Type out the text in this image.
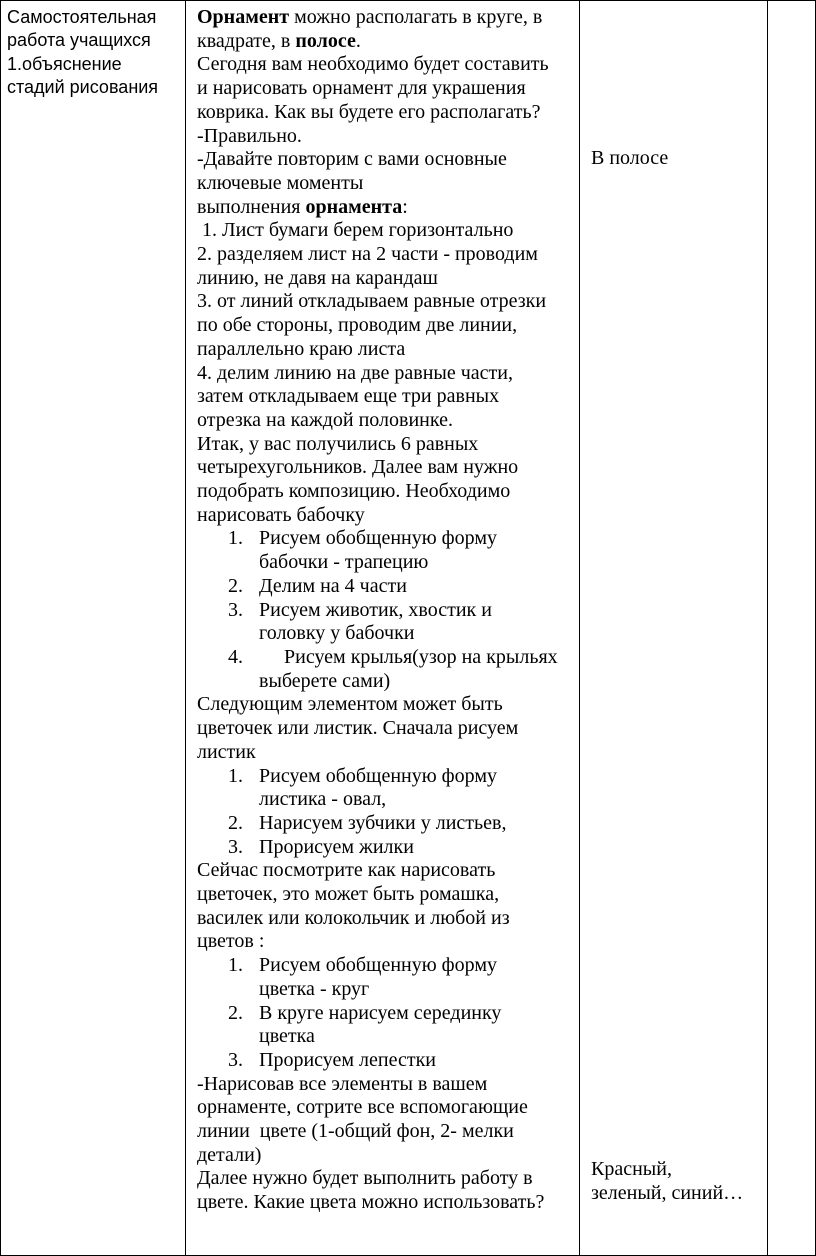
Самостоятельная
работа учащихся
1.объяснение
стадий рисования
Орнамент можно располагать в круге, в
квадрате, в полосе.
Сегодня вам необходимо будет составить
и нарисовать орнамент для украшения
коврика. Как вы будете его располагать?
-Правильно.
-Давайте повторим с вами основные
ключевые моменты
выполнения орнамента:
1. Лист бумаги берем горизонтально
2. разделяем лист на 2 части - проводим
линию, не давя на карандаш
3. от линий откладываем равные отрезки
по обе стороны, проводим две линии,
параллельно краю листа
4. делим линию на две равные части,
затем откладываем еще три равных
отрезка на каждой половинке.
Итак, у вас получились 6 равных
четырехугольников. Далее вам нужно
подобрать композицию. Необходимо
нарисовать бабочку
1. Рисуем обобщенную форму
бабочки - трапецию
2. Делим на 4 части
3. Рисуем животик, хвостик и
головку у бабочки
4. Рисуем крылья(узор на крыльях
выберете сами)
Следующим элементом может быть
цветочек или листик. Сначала рисуем
листик
1. Рисуем обобщенную форму
листика - овал,
2. Нарисуем зубчики у листьев,
3. Прорисуем жилки
Сейчас посмотрите как нарисовать
цветочек, это может быть ромашка,
василек или колокольчик и любой из
цветов :
1. Рисуем обобщенную форму
цветка - круг
2. В круге нарисуем серединку
цветка
3. Прорисуем лепестки
-Нарисовав все элементы в вашем
орнаменте, сотрите все вспомогающие
линии  цвете (1-общий фон, 2- мелки
детали)
Далее нужно будет выполнить работу в
цвете. Какие цвета можно использовать?
В полосе
Красный,
зеленый, синий…
